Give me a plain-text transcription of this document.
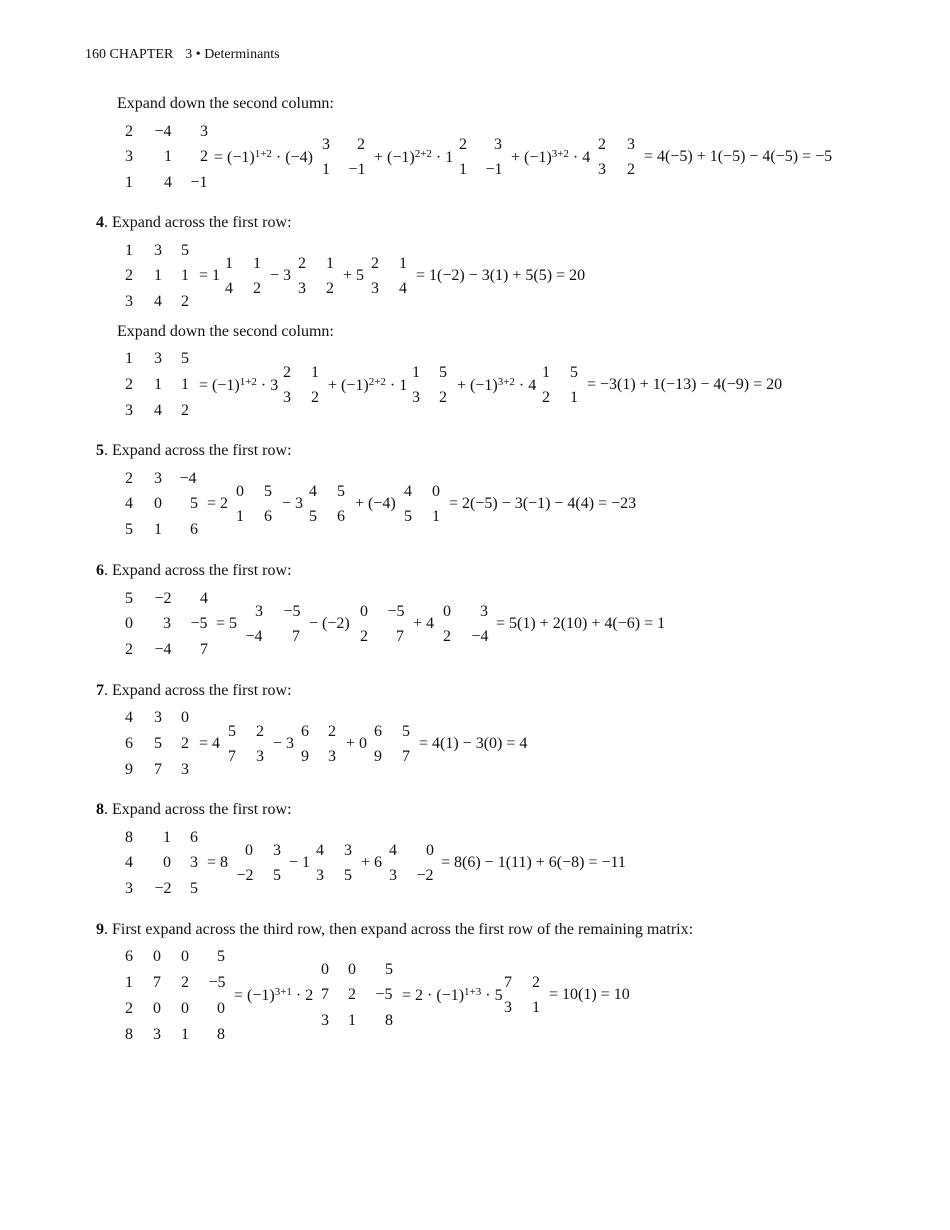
160 CHAPTER 3 • Determinants
Expand down the second column:
2 −4 3
3 1 2
1 4 −1
= $(-1)^{1+2} \cdot (-4)$
3 2
1 −1
+ $(-1)^{2+2} \cdot 1$
2 3
1 −1
+ $(-1)^{3+2} \cdot 4$
2 3
3 2
= 4(−5) + 1(−5) − 4(−5) = −5
4. Expand across the first row:
1 3 5
2 1 1
3 4 2
= 1
1 1
4 2
− 3
2 1
3 2
+ 5
2 1
3 4
= 1(−2) − 3(1) + 5(5) = 20
Expand down the second column:
1 3 5
2 1 1
3 4 2
= $(-1)^{1+2} \cdot 3$
2 1
3 2
+ $(-1)^{2+2} \cdot 1$
1 5
3 2
+ $(-1)^{3+2} \cdot 4$
1 5
2 1
= −3(1) + 1(−13) − 4(−9) = 20
5. Expand across the first row:
2 3 −4
4 0 5
5 1 6
= 2
0 5
1 6
− 3
4 5
5 6
+ (−4)
4 0
5 1
= 2(−5) − 3(−1) − 4(4) = −23
6. Expand across the first row:
5 −2 4
0 3 −5
2 −4 7
= 5
3 −5
−4 7
− (−2)
0 −5
2 7
+ 4
0 3
2 −4
= 5(1) + 2(10) + 4(−6) = 1
7. Expand across the first row:
4 3 0
6 5 2
9 7 3
= 4
5 2
7 3
− 3
6 2
9 3
+ 0
6 5
9 7
= 4(1) − 3(0) = 4
8. Expand across the first row:
8 1 6
4 0 3
3 −2 5
= 8
0 3
−2 5
− 1
4 3
3 5
+ 6
4 0
3 −2
= 8(6) − 1(11) + 6(−8) = −11
9. First expand across the third row, then expand across the first row of the remaining matrix:
6 0 0 5
1 7 2 −5
2 0 0 0
8 3 1 8
= $(-1)^{3+1} \cdot 2$
0 0 5
7 2 −5
3 1 8
= $2 \cdot (-1)^{1+3} \cdot 5$
7 2
3 1
= 10(1) = 10
